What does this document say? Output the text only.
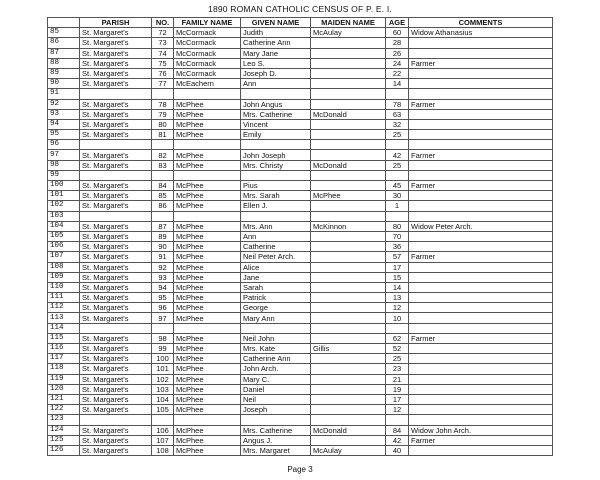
1890 ROMAN CATHOLIC CENSUS OF P. E. I.
	PARISH	NO.	FAMILY NAME	GIVEN NAME	MAIDEN NAME	AGE	COMMENTS
85	St. Margaret's	72	McCormack	Judith	McAulay	60	Widow Athanasius
86	St. Margaret's	73	McCormack	Catherine Ann		28	
87	St. Margaret's	74	McCormack	Mary Jane		26	
88	St. Margaret's	75	McCormack	Leo S.		24	Farmer
89	St. Margaret's	76	McCormack	Joseph D.		22	
90	St. Margaret's	77	McEachern	Ann		14	
91							
92	St. Margaret's	78	McPhee	John Angus		78	Farmer
93	St. Margaret's	79	McPhee	Mrs. Catherine	McDonald	63	
94	St. Margaret's	80	McPhee	Vincent		32	
95	St. Margaret's	81	McPhee	Emily		25	
96							
97	St. Margaret's	82	McPhee	John Joseph		42	Farmer
98	St. Margaret's	83	McPhee	Mrs. Christy	McDonald	25	
99							
100	St. Margaret's	84	McPhee	Pius		45	Farmer
101	St. Margaret's	85	McPhee	Mrs. Sarah	McPhee	30	
102	St. Margaret's	86	McPhee	Ellen J.		1	
103							
104	St. Margaret's	87	McPhee	Mrs. Ann	McKinnon	80	Widow Peter Arch.
105	St. Margaret's	89	McPhee	Ann		70	
106	St. Margaret's	90	McPhee	Catherine		36	
107	St. Margaret's	91	McPhee	Neil Peter Arch.		57	Farmer
108	St. Margaret's	92	McPhee	Alice		17	
109	St. Margaret's	93	McPhee	Jane		15	
110	St. Margaret's	94	McPhee	Sarah		14	
111	St. Margaret's	95	McPhee	Patrick		13	
112	St. Margaret's	96	McPhee	George		12	
113	St. Margaret's	97	McPhee	Mary Ann		10	
114							
115	St. Margaret's	98	McPhee	Neil John		62	Farmer
116	St. Margaret's	99	McPhee	Mrs. Kate	Gillis	52	
117	St. Margaret's	100	McPhee	Catherine Ann		25	
118	St. Margaret's	101	McPhee	John Arch.		23	
119	St. Margaret's	102	McPhee	Mary C.		21	
120	St. Margaret's	103	McPhee	Daniel		19	
121	St. Margaret's	104	McPhee	Neil		17	
122	St. Margaret's	105	McPhee	Joseph		12	
123							
124	St. Margaret's	106	McPhee	Mrs. Catherine	McDonald	84	Widow John Arch.
125	St. Margaret's	107	McPhee	Angus J.		42	Farmer
126	St. Margaret's	108	McPhee	Mrs. Margaret	McAulay	40	
Page 3
